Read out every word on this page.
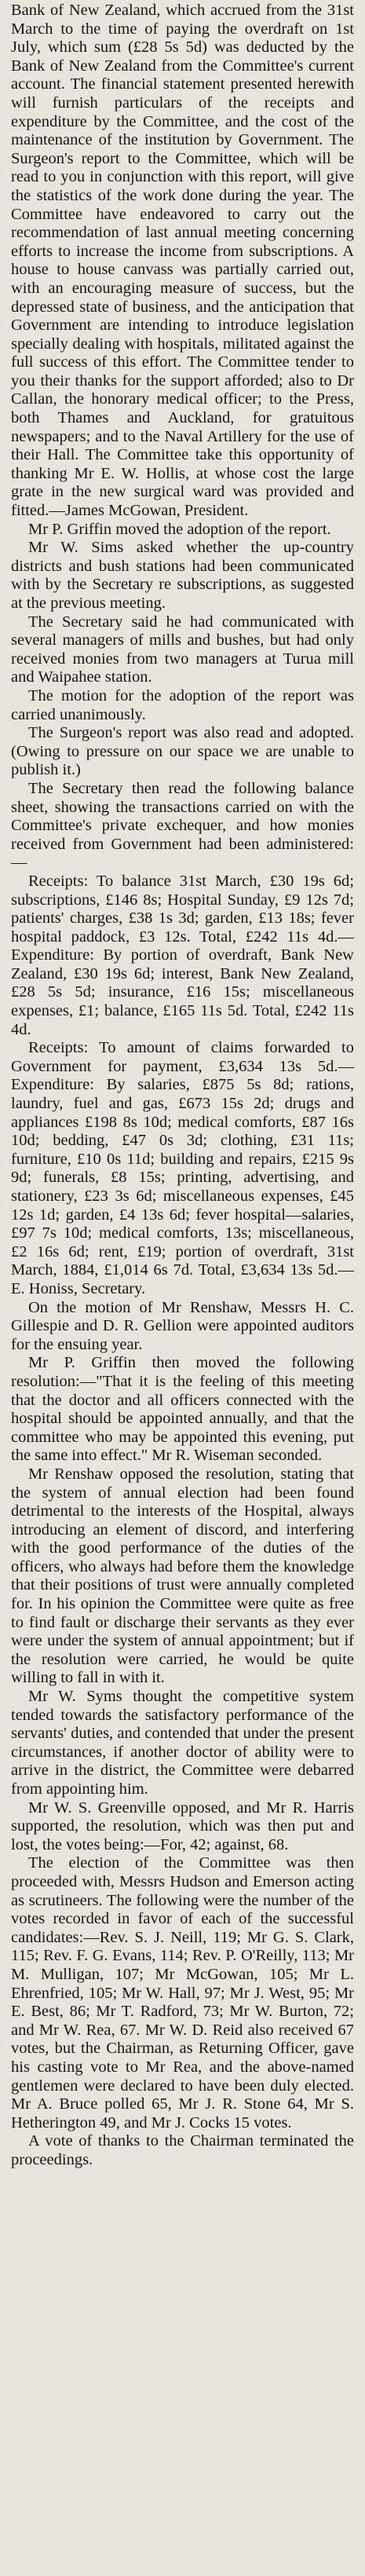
Bank of New Zealand, which accrued from the 31st March to the time of paying the overdraft on 1st July, which sum (£28 5s 5d) was deducted by the Bank of New Zealand from the Committee's current account. The financial statement presented herewith will furnish particulars of the receipts and expenditure by the Committee, and the cost of the maintenance of the institution by Government. The Surgeon's report to the Committee, which will be read to you in conjunction with this report, will give the statistics of the work done during the year. The Committee have endeavored to carry out the recommendation of last annual meeting concerning efforts to increase the income from subscriptions. A house to house canvass was partially carried out, with an encouraging measure of success, but the depressed state of business, and the anticipation that Government are intending to introduce legislation specially dealing with hospitals, militated against the full success of this effort. The Committee tender to you their thanks for the support afforded; also to Dr Callan, the honorary medical officer; to the Press, both Thames and Auckland, for gratuitous newspapers; and to the Naval Artillery for the use of their Hall. The Committee take this opportunity of thanking Mr E. W. Hollis, at whose cost the large grate in the new surgical ward was provided and fitted.—James McGowan, President.

Mr P. Griffin moved the adoption of the report.

Mr W. Sims asked whether the up-country districts and bush stations had been communicated with by the Secretary re subscriptions, as suggested at the previous meeting.

The Secretary said he had communicated with several managers of mills and bushes, but had only received monies from two managers at Turua mill and Waipahee station.

The motion for the adoption of the report was carried unanimously.

The Surgeon's report was also read and adopted. (Owing to pressure on our space we are unable to publish it.)

The Secretary then read the following balance sheet, showing the transactions carried on with the Committee's private exchequer, and how monies received from Government had been administered:—

Receipts: To balance 31st March, £30 19s 6d; subscriptions, £146 8s; Hospital Sunday, £9 12s 7d; patients' charges, £38 1s 3d; garden, £13 18s; fever hospital paddock, £3 12s. Total, £242 11s 4d.—Expenditure: By portion of overdraft, Bank New Zealand, £30 19s 6d; interest, Bank New Zealand, £28 5s 5d; insurance, £16 15s; miscellaneous expenses, £1; balance, £165 11s 5d. Total, £242 11s 4d.

Receipts: To amount of claims forwarded to Government for payment, £3,634 13s 5d.—Expenditure: By salaries, £875 5s 8d; rations, laundry, fuel and gas, £673 15s 2d; drugs and appliances £198 8s 10d; medical comforts, £87 16s 10d; bedding, £47 0s 3d; clothing, £31 11s; furniture, £10 0s 11d; building and repairs, £215 9s 9d; funerals, £8 15s; printing, advertising, and stationery, £23 3s 6d; miscellaneous expenses, £45 12s 1d; garden, £4 13s 6d; fever hospital—salaries, £97 7s 10d; medical comforts, 13s; miscellaneous, £2 16s 6d; rent, £19; portion of overdraft, 31st March, 1884, £1,014 6s 7d. Total, £3,634 13s 5d.—E. Honiss, Secretary.

On the motion of Mr Renshaw, Messrs H. C. Gillespie and D. R. Gellion were appointed auditors for the ensuing year.

Mr P. Griffin then moved the following resolution:—"That it is the feeling of this meeting that the doctor and all officers connected with the hospital should be appointed annually, and that the committee who may be appointed this evening, put the same into effect." Mr R. Wiseman seconded.

Mr Renshaw opposed the resolution, stating that the system of annual election had been found detrimental to the interests of the Hospital, always introducing an element of discord, and interfering with the good performance of the duties of the officers, who always had before them the knowledge that their positions of trust were annually completed for. In his opinion the Committee were quite as free to find fault or discharge their servants as they ever were under the system of annual appointment; but if the resolution were carried, he would be quite willing to fall in with it.

Mr W. Syms thought the competitive system tended towards the satisfactory performance of the servants' duties, and contended that under the present circumstances, if another doctor of ability were to arrive in the district, the Committee were debarred from appointing him.

Mr W. S. Greenville opposed, and Mr R. Harris supported, the resolution, which was then put and lost, the votes being:—For, 42; against, 68.

The election of the Committee was then proceeded with, Messrs Hudson and Emerson acting as scrutineers. The following were the number of the votes recorded in favor of each of the successful candidates:—Rev. S. J. Neill, 119; Mr G. S. Clark, 115; Rev. F. G. Evans, 114; Rev. P. O'Reilly, 113; Mr M. Mulligan, 107; Mr McGowan, 105; Mr L. Ehrenfried, 105; Mr W. Hall, 97; Mr J. West, 95; Mr E. Best, 86; Mr T. Radford, 73; Mr W. Burton, 72; and Mr W. Rea, 67. Mr W. D. Reid also received 67 votes, but the Chairman, as Returning Officer, gave his casting vote to Mr Rea, and the above-named gentlemen were declared to have been duly elected. Mr A. Bruce polled 65, Mr J. R. Stone 64, Mr S. Hetherington 49, and Mr J. Cocks 15 votes.

A vote of thanks to the Chairman terminated the proceedings.
